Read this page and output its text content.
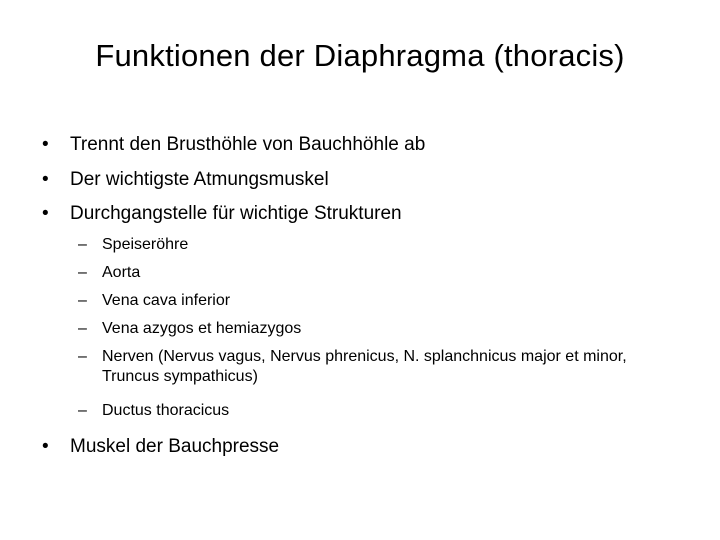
Funktionen der Diaphragma (thoracis)
• Trennt den Brusthöhle von Bauchhöhle ab
• Der wichtigste Atmungsmuskel
• Durchgangstelle für wichtige Strukturen
– Speiseröhre
– Aorta
– Vena cava inferior
– Vena azygos et hemiazygos
– Nerven (Nervus vagus, Nervus phrenicus, N. splanchnicus major et minor, Truncus sympathicus)
– Ductus thoracicus
• Muskel der Bauchpresse
